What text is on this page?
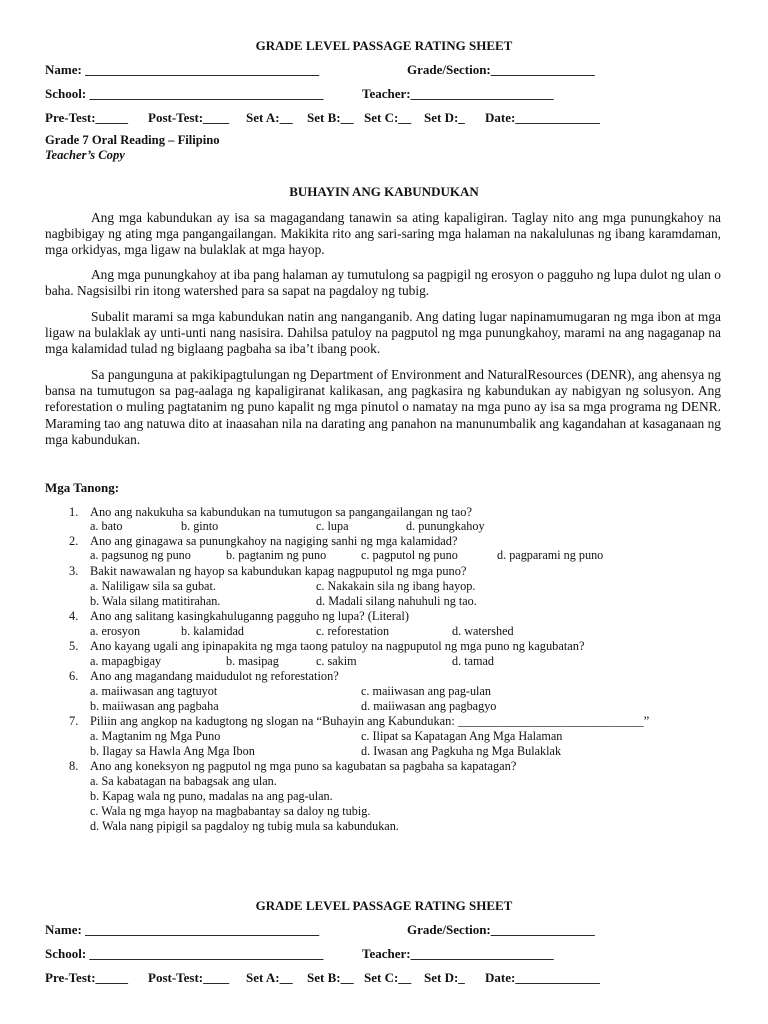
GRADE LEVEL PASSAGE RATING SHEET
Name: ____________________________________	Grade/Section:________________
School: ____________________________________	Teacher:______________________
Pre-Test:_____ Post-Test:____ Set A:__ Set B:__ Set C:__ Set D:_ Date:_____________
Grade 7 Oral Reading – Filipino
Teacher’s Copy
BUHAYIN ANG KABUNDUKAN
Ang mga kabundukan ay isa sa magagandang tanawin sa ating kapaligiran. Taglay nito ang mga punungkahoy na nagbibigay ng ating mga pangangailangan. Makikita rito ang sari-saring mga halaman na nakalulunas ng ibang karamdaman, mga orkidyas, mga ligaw na bulaklak at mga hayop.
Ang mga punungkahoy at iba pang halaman ay tumutulong sa pagpigil ng erosyon o pagguho ng lupa dulot ng ulan o baha. Nagsisilbi rin itong watershed para sa sapat na pagdaloy ng tubig.
Subalit marami sa mga kabundukan natin ang nanganganib. Ang dating lugar napinamumugaran ng mga ibon at mga ligaw na bulaklak ay unti-unti nang nasisira. Dahilsa patuloy na pagputol ng mga punungkahoy, marami na ang nagaganap na mga kalamidad tulad ng biglaang pagbaha sa iba’t ibang pook.
Sa pangunguna at pakikipagtulungan ng Department of Environment and NaturalResources (DENR), ang ahensya ng bansa na tumutugon sa pag-aalaga ng kapaligiranat kalikasan, ang pagkasira ng kabundukan ay nabigyan ng solusyon. Ang reforestation o muling pagtatanim ng puno kapalit ng mga pinutol o namatay na mga puno ay isa sa mga programa ng DENR. Maraming tao ang natuwa dito at inaasahan nila na darating ang panahon na manunumbalik ang kagandahan at kasaganaan ng mga kabundukan.
Mga Tanong:
1. Ano ang nakukuha sa kabundukan na tumutugon sa pangangailangan ng tao?
a. bato	b. ginto	c. lupa	d. punungkahoy
2. Ano ang ginagawa sa punungkahoy na nagiging sanhi ng mga kalamidad?
a. pagsunog ng puno	b. pagtanim ng puno	c. pagputol ng puno	d. pagparami ng puno
3. Bakit nawawalan ng hayop sa kabundukan kapag nagpuputol ng mga puno?
a. Naliligaw sila sa gubat.	c. Nakakain sila ng ibang hayop.
b. Wala silang matitirahan.	d. Madali silang nahuhuli ng tao.
4. Ano ang salitang kasingkahuluganng pagguho ng lupa? (Literal)
a. erosyon	b. kalamidad	c. reforestation	d. watershed
5. Ano kayang ugali ang ipinapakita ng mga taong patuloy na nagpuputol ng mga puno ng kagubatan?
a. mapagbigay	b. masipag	c. sakim	d. tamad
6. Ano ang magandang maidudulot ng reforestation?
a. maiiwasan ang tagtuyot	c. maiiwasan ang pag-ulan
b. maiiwasan ang pagbaha	d. maiiwasan ang pagbagyo
7. Piliin ang angkop na kadugtong ng slogan na “Buhayin ang Kabundukan: ______________________________”
a. Magtanim ng Mga Puno	c. Ilipat sa Kapatagan Ang Mga Halaman
b. Ilagay sa Hawla Ang Mga Ibon	d. Iwasan ang Pagkuha ng Mga Bulaklak
8. Ano ang koneksyon ng pagputol ng mga puno sa kagubatan sa pagbaha sa kapatagan?
a. Sa kabatagan na babagsak ang ulan.
b. Kapag wala ng puno, madalas na ang pag-ulan.
c. Wala ng mga hayop na magbabantay sa daloy ng tubig.
d. Wala nang pipigil sa pagdaloy ng tubig mula sa kabundukan.
GRADE LEVEL PASSAGE RATING SHEET
Name: ____________________________________	Grade/Section:________________
School: ____________________________________	Teacher:______________________
Pre-Test:_____ Post-Test:____ Set A:__ Set B:__ Set C:__ Set D:_ Date:_____________
